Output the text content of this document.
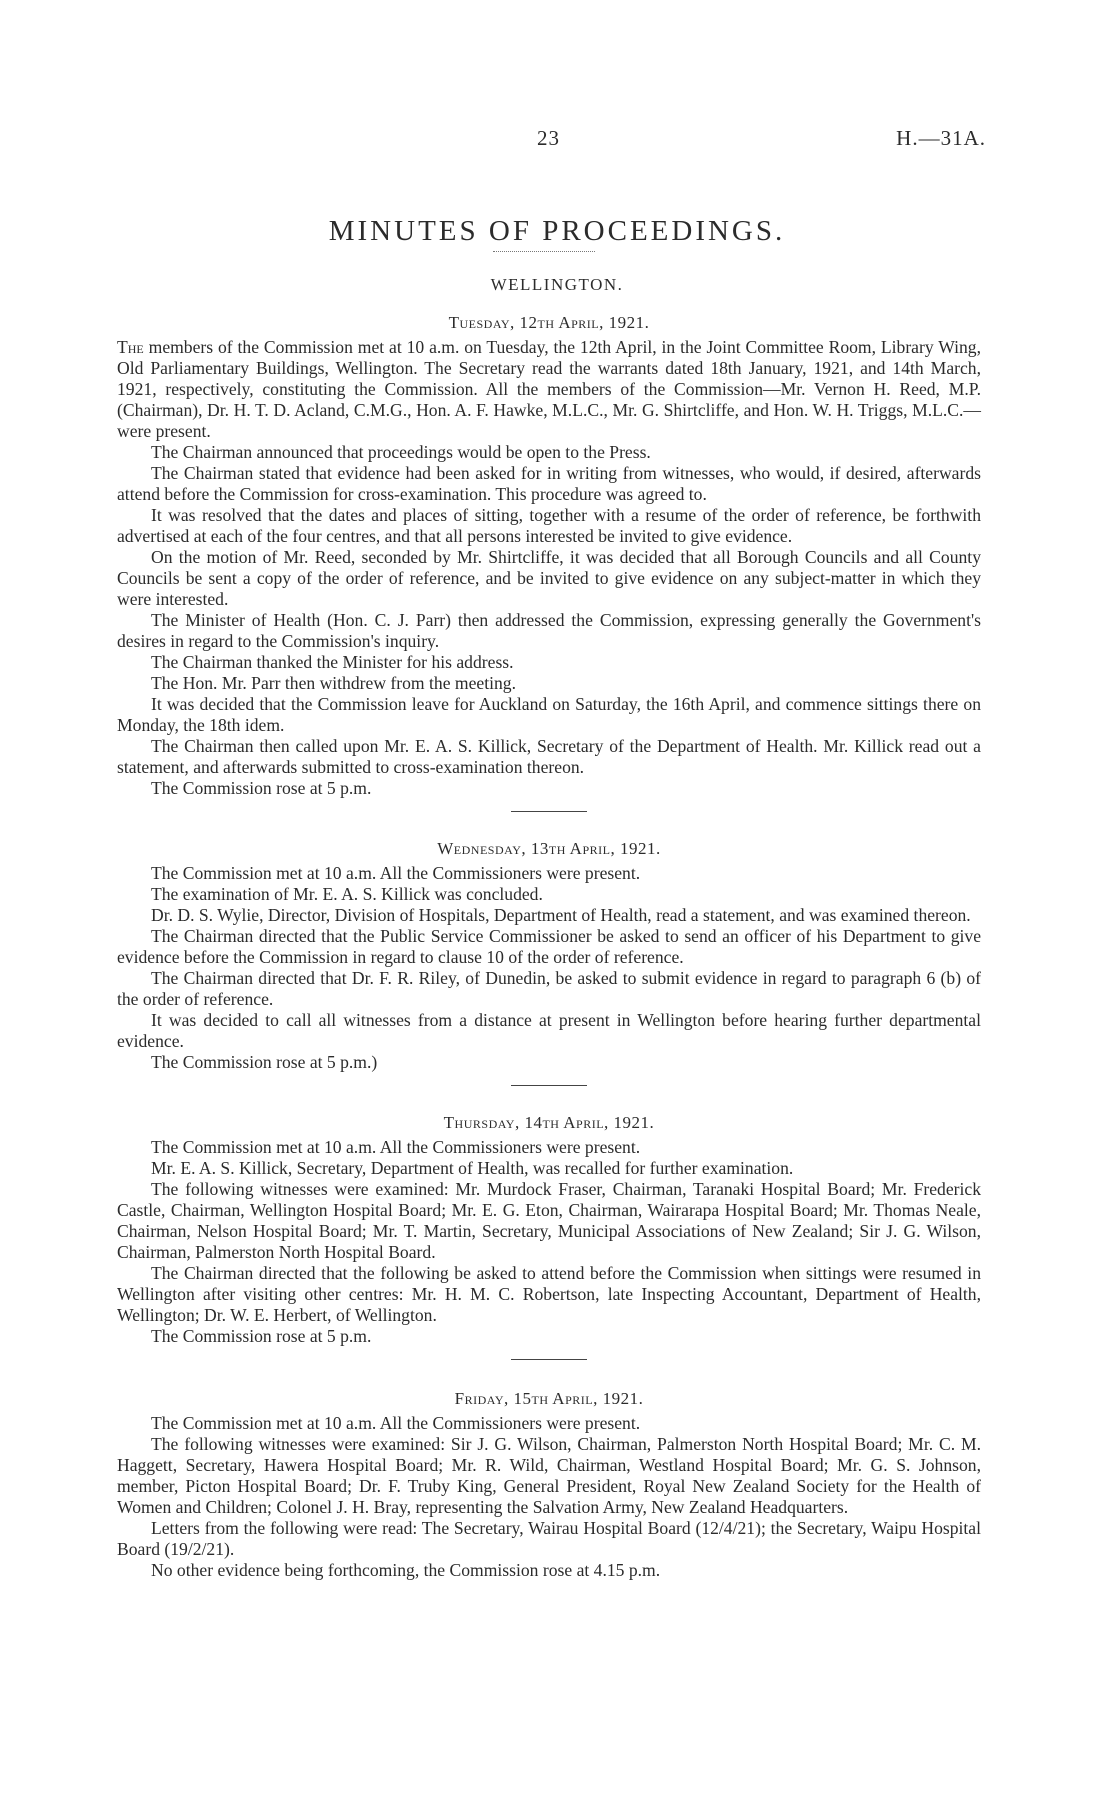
23	H.—31A.
MINUTES OF PROCEEDINGS.
WELLINGTON.
Tuesday, 12th April, 1921.

The members of the Commission met at 10 a.m. on Tuesday, the 12th April, in the Joint Committee Room, Library Wing, Old Parliamentary Buildings, Wellington. The Secretary read the warrants dated 18th January, 1921, and 14th March, 1921, respectively, constituting the Commission. All the members of the Commission—Mr. Vernon H. Reed, M.P. (Chairman), Dr. H. T. D. Acland, C.M.G., Hon. A. F. Hawke, M.L.C., Mr. G. Shirtcliffe, and Hon. W. H. Triggs, M.L.C.—were present.

The Chairman announced that proceedings would be open to the Press.

The Chairman stated that evidence had been asked for in writing from witnesses, who would, if desired, afterwards attend before the Commission for cross-examination. This procedure was agreed to.

It was resolved that the dates and places of sitting, together with a resume of the order of reference, be forthwith advertised at each of the four centres, and that all persons interested be invited to give evidence.

On the motion of Mr. Reed, seconded by Mr. Shirtcliffe, it was decided that all Borough Councils and all County Councils be sent a copy of the order of reference, and be invited to give evidence on any subject-matter in which they were interested.

The Minister of Health (Hon. C. J. Parr) then addressed the Commission, expressing generally the Government's desires in regard to the Commission's inquiry.

The Chairman thanked the Minister for his address.

The Hon. Mr. Parr then withdrew from the meeting.

It was decided that the Commission leave for Auckland on Saturday, the 16th April, and commence sittings there on Monday, the 18th idem.

The Chairman then called upon Mr. E. A. S. Killick, Secretary of the Department of Health. Mr. Killick read out a statement, and afterwards submitted to cross-examination thereon.

The Commission rose at 5 p.m.

Wednesday, 13th April, 1921.

The Commission met at 10 a.m. All the Commissioners were present.

The examination of Mr. E. A. S. Killick was concluded.

Dr. D. S. Wylie, Director, Division of Hospitals, Department of Health, read a statement, and was examined thereon.

The Chairman directed that the Public Service Commissioner be asked to send an officer of his Department to give evidence before the Commission in regard to clause 10 of the order of reference.

The Chairman directed that Dr. F. R. Riley, of Dunedin, be asked to submit evidence in regard to paragraph 6 (b) of the order of reference.

It was decided to call all witnesses from a distance at present in Wellington before hearing further departmental evidence.

The Commission rose at 5 p.m.)

Thursday, 14th April, 1921.

The Commission met at 10 a.m. All the Commissioners were present.

Mr. E. A. S. Killick, Secretary, Department of Health, was recalled for further examination.

The following witnesses were examined: Mr. Murdock Fraser, Chairman, Taranaki Hospital Board; Mr. Frederick Castle, Chairman, Wellington Hospital Board; Mr. E. G. Eton, Chairman, Wairarapa Hospital Board; Mr. Thomas Neale, Chairman, Nelson Hospital Board; Mr. T. Martin, Secretary, Municipal Associations of New Zealand; Sir J. G. Wilson, Chairman, Palmerston North Hospital Board.

The Chairman directed that the following be asked to attend before the Commission when sittings were resumed in Wellington after visiting other centres: Mr. H. M. C. Robertson, late Inspecting Accountant, Department of Health, Wellington; Dr. W. E. Herbert, of Wellington.

The Commission rose at 5 p.m.

Friday, 15th April, 1921.

The Commission met at 10 a.m. All the Commissioners were present.

The following witnesses were examined: Sir J. G. Wilson, Chairman, Palmerston North Hospital Board; Mr. C. M. Haggett, Secretary, Hawera Hospital Board; Mr. R. Wild, Chairman, Westland Hospital Board; Mr. G. S. Johnson, member, Picton Hospital Board; Dr. F. Truby King, General President, Royal New Zealand Society for the Health of Women and Children; Colonel J. H. Bray, representing the Salvation Army, New Zealand Headquarters.

Letters from the following were read: The Secretary, Wairau Hospital Board (12/4/21); the Secretary, Waipu Hospital Board (19/2/21).

No other evidence being forthcoming, the Commission rose at 4.15 p.m.
